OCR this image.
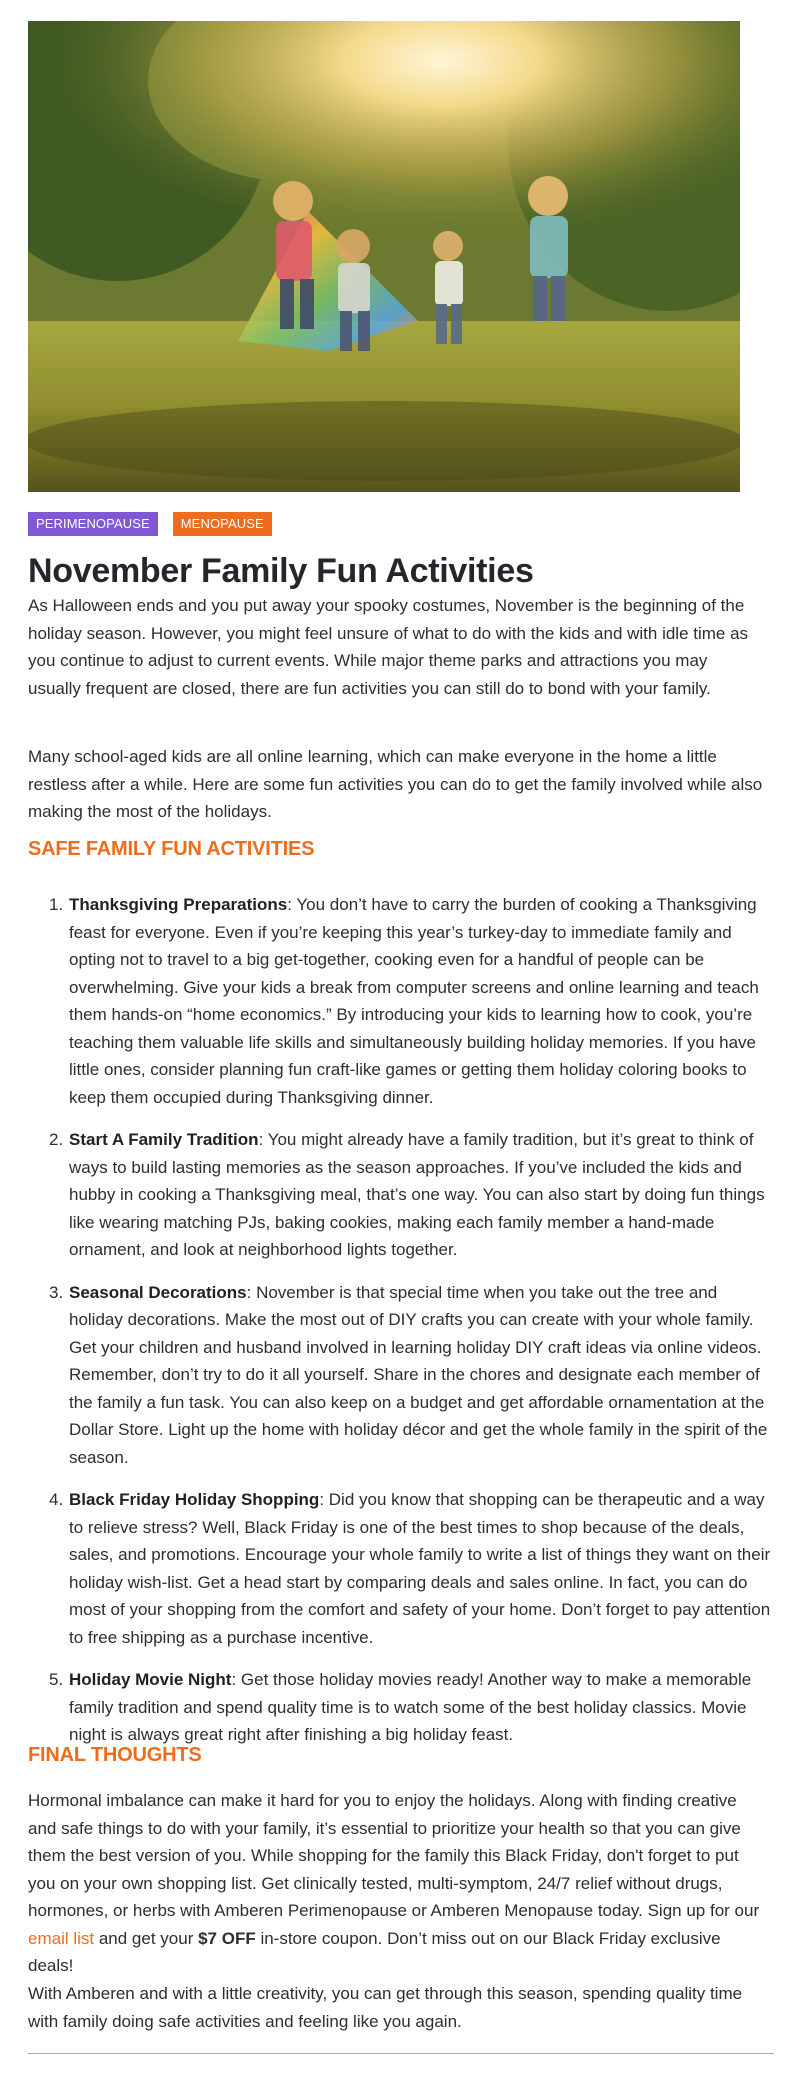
PERIMENOPAUSE	MENOPAUSE
November Family Fun Activities

As Halloween ends and you put away your spooky costumes, November is the beginning of the holiday season. However, you might feel unsure of what to do with the kids and with idle time as you continue to adjust to current events. While major theme parks and attractions you may usually frequent are closed, there are fun activities you can still do to bond with your family.

Many school-aged kids are all online learning, which can make everyone in the home a little restless after a while. Here are some fun activities you can do to get the family involved while also making the most of the holidays.

SAFE FAMILY FUN ACTIVITIES
1. Thanksgiving Preparations: You don’t have to carry the burden of cooking a Thanksgiving feast for everyone. Even if you’re keeping this year’s turkey-day to immediate family and opting not to travel to a big get-together, cooking even for a handful of people can be overwhelming. Give your kids a break from computer screens and online learning and teach them hands-on “home economics.” By introducing your kids to learning how to cook, you’re teaching them valuable life skills and simultaneously building holiday memories. If you have little ones, consider planning fun craft-like games or getting them holiday coloring books to keep them occupied during Thanksgiving dinner.
2. Start A Family Tradition: You might already have a family tradition, but it’s great to think of ways to build lasting memories as the season approaches. If you’ve included the kids and hubby in cooking a Thanksgiving meal, that’s one way. You can also start by doing fun things like wearing matching PJs, baking cookies, making each family member a hand-made ornament, and look at neighborhood lights together.
3. Seasonal Decorations: November is that special time when you take out the tree and holiday decorations. Make the most out of DIY crafts you can create with your whole family. Get your children and husband involved in learning holiday DIY craft ideas via online videos. Remember, don’t try to do it all yourself. Share in the chores and designate each member of the family a fun task. You can also keep on a budget and get affordable ornamentation at the Dollar Store. Light up the home with holiday décor and get the whole family in the spirit of the season.
4. Black Friday Holiday Shopping: Did you know that shopping can be therapeutic and a way to relieve stress? Well, Black Friday is one of the best times to shop because of the deals, sales, and promotions. Encourage your whole family to write a list of things they want on their holiday wish-list. Get a head start by comparing deals and sales online. In fact, you can do most of your shopping from the comfort and safety of your home. Don’t forget to pay attention to free shipping as a purchase incentive.
5. Holiday Movie Night: Get those holiday movies ready! Another way to make a memorable family tradition and spend quality time is to watch some of the best holiday classics. Movie night is always great right after finishing a big holiday feast.
FINAL THOUGHTS

Hormonal imbalance can make it hard for you to enjoy the holidays. Along with finding creative and safe things to do with your family, it’s essential to prioritize your health so that you can give them the best version of you. While shopping for the family this Black Friday, don't forget to put you on your own shopping list. Get clinically tested, multi-symptom, 24/7 relief without drugs, hormones, or herbs with Amberen Perimenopause or Amberen Menopause today. Sign up for our email list and get your $7 OFF in-store coupon. Don’t miss out on our Black Friday exclusive deals!

With Amberen and with a little creativity, you can get through this season, spending quality time with family doing safe activities and feeling like you again.
